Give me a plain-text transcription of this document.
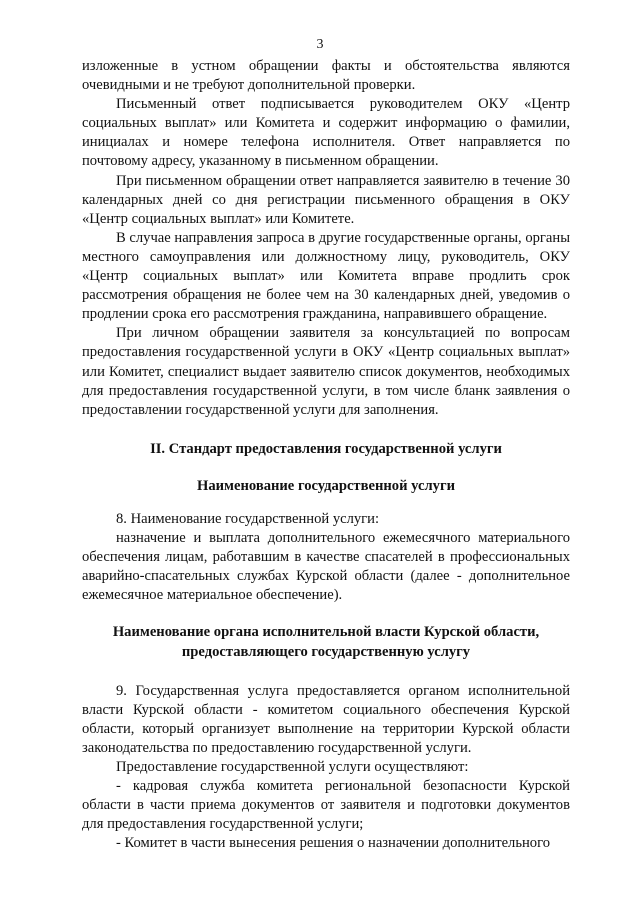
3

изложенные в устном обращении факты и обстоятельства являются очевидными и не требуют дополнительной проверки.

Письменный ответ подписывается руководителем ОКУ «Центр социальных выплат» или Комитета и содержит информацию о фамилии, инициалах и номере телефона исполнителя. Ответ направляется по почтовому адресу, указанному в письменном обращении.

При письменном обращении ответ направляется заявителю в течение 30 календарных дней со дня регистрации письменного обращения в ОКУ «Центр социальных выплат» или Комитете.

В случае направления запроса в другие государственные органы, органы местного самоуправления или должностному лицу, руководитель, ОКУ «Центр социальных выплат» или Комитета вправе продлить срок рассмотрения обращения не более чем на 30 календарных дней, уведомив о продлении срока его рассмотрения гражданина, направившего обращение.

При личном обращении заявителя за консультацией по вопросам предоставления государственной услуги в ОКУ «Центр социальных выплат» или Комитет, специалист выдает заявителю список документов, необходимых для предоставления государственной услуги, в том числе бланк заявления о предоставлении государственной услуги для заполнения.

II. Стандарт предоставления государственной услуги

Наименование государственной услуги

8. Наименование государственной услуги:

назначение и выплата дополнительного ежемесячного материального обеспечения лицам, работавшим в качестве спасателей в профессиональных аварийно-спасательных службах Курской области (далее - дополнительное ежемесячное материальное обеспечение).

Наименование органа исполнительной власти Курской области,

предоставляющего государственную услугу

9. Государственная услуга предоставляется органом исполнительной власти Курской области - комитетом социального обеспечения Курской области, который организует выполнение на территории Курской области законодательства по предоставлению государственной услуги.

Предоставление государственной услуги осуществляют:

- кадровая служба комитета региональной безопасности Курской области в части приема документов от заявителя и подготовки документов для предоставления государственной услуги;

- Комитет в части вынесения решения о назначении дополнительного
